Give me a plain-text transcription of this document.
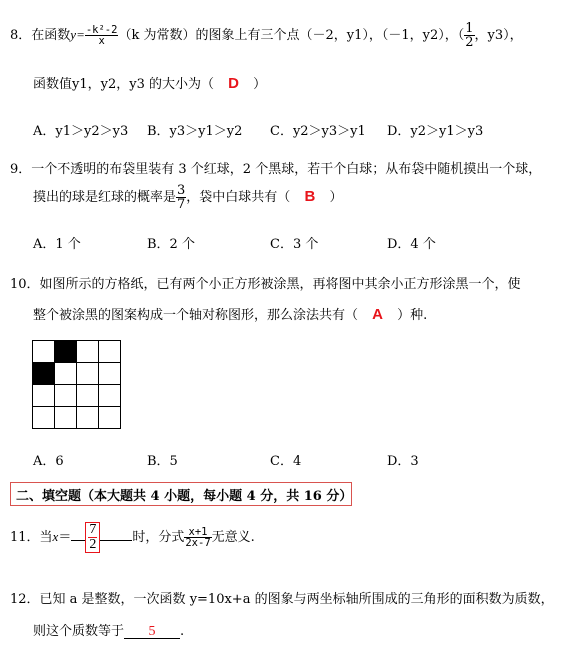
8．在函数$y= \frac{\text{-k²-2}}{x} (k$ 为常数）的图象上有三个点（－2，y1），（－1，y2），（ $\frac{1}{2}$ ，y3），
函数值y1，y2，y3 的大小为（ D ）
A．y1＞y2＞y3 B．y3＞y1＞y2 C．y2＞y3＞y1 D．y2＞y1＞y3
9．一个不透明的布袋里装有 3 个红球，2 个黑球，若干个白球；从布袋中随机摸出一个球，
摸出的球是红球的概率是 $\frac{3}{7}$ ，袋中白球共有（ B ）
A．1 个	B．2 个	C．3 个	D．4 个
10．如图所示的方格纸，已有两个小正方形被涂黑，再将图中其余小正方形涂黑一个，使
整个被涂黑的图案构成一个轴对称图形，那么涂法共有（ A ）种.
A．6	B．5	C．4	D．3
二、填空题（本大题共 4 小题，每小题 4 分，共 16 分）
11．当$x= \frac{7}{2}$ 时，分式 $\frac{x+1}{2x-7}$ 无意义.
12．已知 a 是整数，一次函数 y=10x+a 的图象与两坐标轴所围成的三角形的面积数为质数，
则这个质数等于 5 .
